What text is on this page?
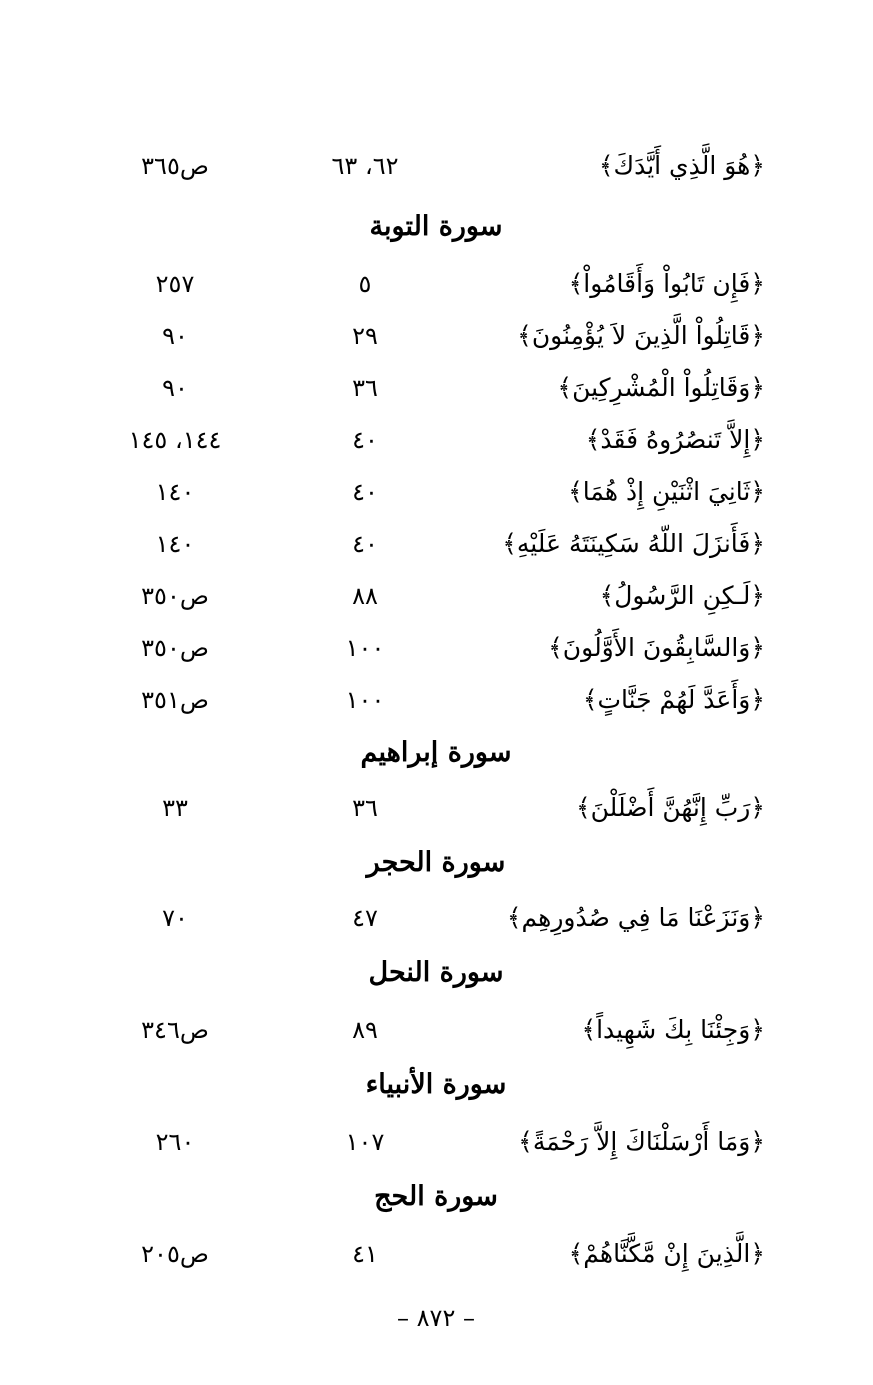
﴿هُوَ الَّذِي أَيَّدَكَ﴾
٦٢، ٦٣
ص٣٦٥
سورة التوبة
﴿فَإِن تَابُواْ وَأَقَامُواْ﴾
٥
٢٥٧
﴿قَاتِلُواْ الَّذِينَ لاَ يُؤْمِنُونَ﴾
٢٩
٩٠
﴿وَقَاتِلُواْ الْمُشْرِكِينَ﴾
٣٦
٩٠
﴿إِلاَّ تَنصُرُوهُ فَقَدْ﴾
٤٠
١٤٤، ١٤٥
﴿ثَانِيَ اثْنَيْنِ إِذْ هُمَا﴾
٤٠
١٤٠
﴿فَأَنزَلَ اللّهُ سَكِينَتَهُ عَلَيْهِ﴾
٤٠
١٤٠
﴿لَـكِنِ الرَّسُولُ﴾
٨٨
ص٣٥٠
﴿وَالسَّابِقُونَ الأَوَّلُونَ﴾
١٠٠
ص٣٥٠
﴿وَأَعَدَّ لَهُمْ جَنَّاتٍ﴾
١٠٠
ص٣٥١
سورة إبراهيم
﴿رَبِّ إِنَّهُنَّ أَضْلَلْنَ﴾
٣٦
٣٣
سورة الحجر
﴿وَنَزَعْنَا مَا فِي صُدُورِهِم﴾
٤٧
٧٠
سورة النحل
﴿وَجِئْنَا بِكَ شَهِيداً﴾
٨٩
ص٣٤٦
سورة الأنبياء
﴿وَمَا أَرْسَلْنَاكَ إِلاَّ رَحْمَةً﴾
١٠٧
٢٦٠
سورة الحج
﴿الَّذِينَ إِنْ مَّكَّنَّاهُمْ﴾
٤١
ص٢٠٥
– ٨٧٢ –
